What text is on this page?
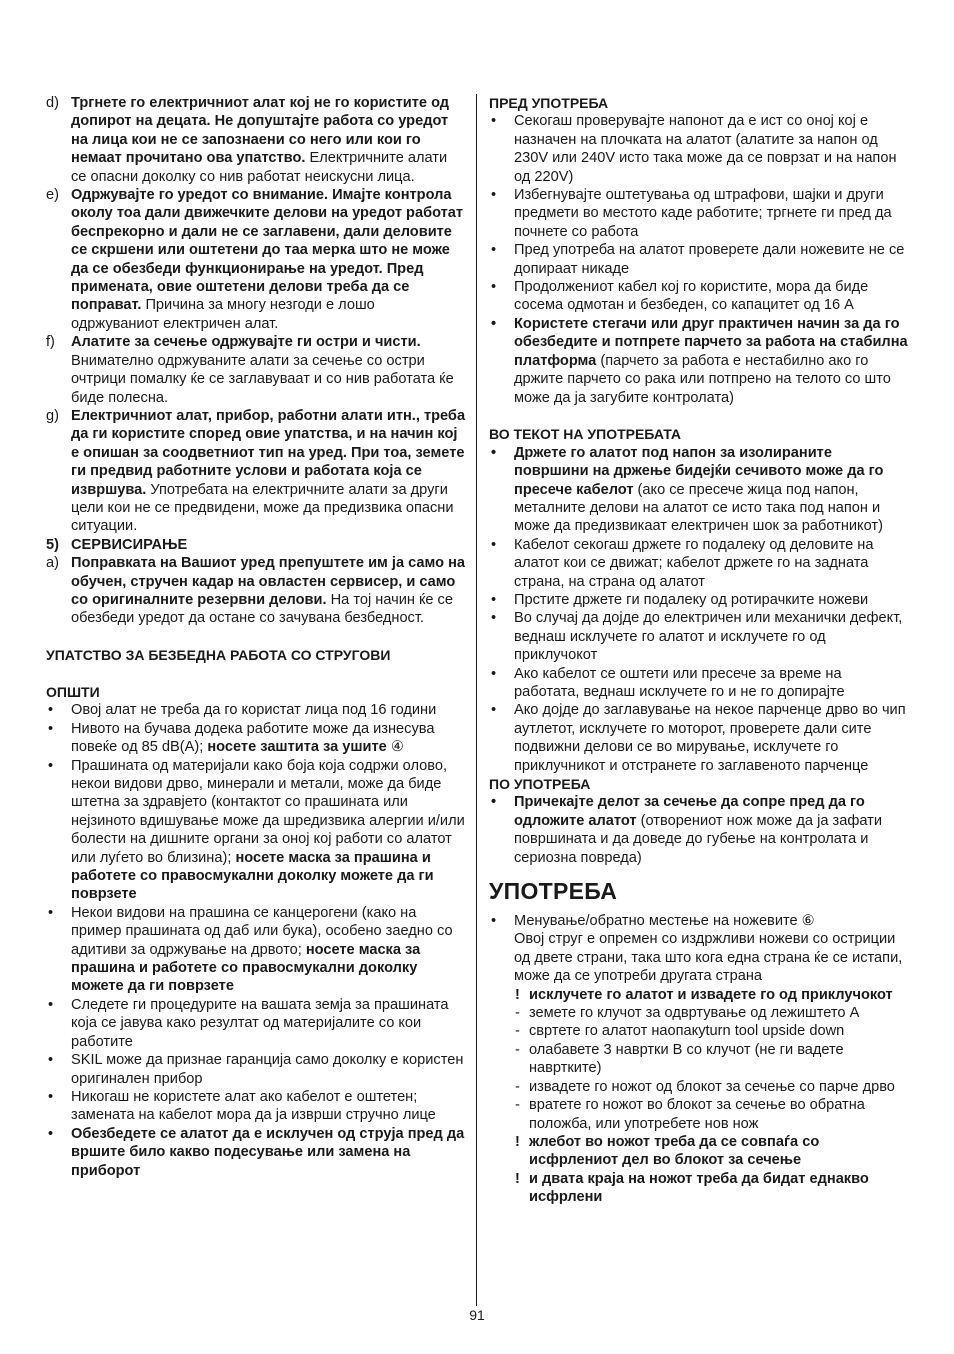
d) Тргнете го електричниот алат кој не го користите од допирот на децата. Не допуштајте работа со уредот на лица кои не се запознаени со него или кои го немаат прочитано ова упатство. Електричните алати се опасни доколку со нив работат неискусни лица.
e) Одржувајте го уредот со внимание. Имајте контрола околу тоа дали движечките делови на уредот работат беспрекорно и дали не се заглавени, дали деловите се скршени или оштетени до таа мерка што не може да се обезбеди функционирање на уредот. Пред примената, овие оштетени делови треба да се поправат. Причина за многу незгоди е лошо одржуваниот електричен алат.
f)	Алатите за сечење одржувајте ги остри и чисти. Внимателно одржуваните алати за сечење со остри очтрици помалку ќе се заглавуваат и со нив работата ќе биде полесна.
g) Електричниот алат, прибор, работни алати итн., треба да ги користите според овие упатства, и на начин кој е опишан за соодветниот тип на уред. При тоа, земете ги предвид работните услови и работата која се извршува. Употребата на електричните алати за други цели кои не се предвидени, може да предизвика опасни ситуации.
5) СЕРВИСИРАЊЕ
a) Поправката на Вашиот уред препуштете им ја само на обучен, стручен кадар на овластен сервисер, и само со оригиналните резервни делови. На тој начин ќе се обезбеди уредот да остане со зачувана безбедност.
УПАТСТВО ЗА БЕЗБЕДНА РАБОТА СО СТРУГОВИ
ОПШТИ
•	Овој алат не треба да го користат лица под 16 години
•	Нивото на бучава додека работите може да изнесува повеќе од 85 dB(A); носете заштита за ушите ④
•	Прашината од материјали како боја која содржи олово, некои видови дрво, минерали и метали, може да биде штетна за здравјето (контактот со прашината или нејзиното вдишување може да шредизвика алергии и/или болести на дишните органи за оној кој работи со алатот или луѓето во близина); носете маска за прашина и работете со правосмукални доколку можете да ги поврзете
•	Некои видови на прашина се канцерогени (како на пример прашината од даб или бука), особено заедно со адитиви за одржување на дрвото; носете маска за прашина и работете со правосмукални доколку можете да ги поврзете
•	Следете ги процедурите на вашата земја за прашината која се јавува како резултат од материјалите со кои работите
•	SKIL може да признае гаранција само доколку е користен оригинален прибор
•	Никогаш не користете алат ако кабелот е оштетен; замената на кабелот мора да ја изврши стручно лице
•	Обезбедете се алатот да е исклучен од струја пред да вршите било какво подесување или замена на приборот
ПРЕД УПОТРЕБА
•	Секогаш проверувајте напонот да е ист со оној кој е назначен на плочката на алатот (алатите за напон од 230V или 240V исто така може да се поврзат и на напон од 220V)
•	Избегнувајте оштетувања од штрафови, шајки и други предмети во местото каде работите; тргнете ги пред да почнете со работа
•	Пред употреба на алатот проверете дали ножевите не се допираат никаде
•	Продолжениот кабел кој го користите, мора да биде сосема одмотан и безбеден, со капацитет од 16 A
•	Користете стегачи или друг практичен начин за да го обезбедите и потпрете парчето за работа на стабилна платформа (парчето за работа е нестабилно ако го држите парчето со рака или потпрено на телото со што може да ја загубите контролата)
ВО ТЕКОТ НА УПОТРЕБАТА
•	Држете го алатот под напон за изолираните површини на држење бидејќи сечивото може да го пресече кабелот (ако се пресече жица под напон, металните делови на алатот се исто така под напон и може да предизвикаат електричен шок за работникот)
•	Кабелот секогаш држете го подалеку од деловите на алатот кои се движат; кабелот држете го на задната страна, на страна од алатот
•	Прстите држете ги подалеку од ротирачките ножеви
•	Во случај да дојде до електричен или механички дефект, веднаш исклучете го алатот и исклучете го од приклучокот
•	Ако кабелот се оштети или пресече за време на работата, веднаш исклучете го и не го допирајте
•	Ако дојде до заглавување на некое парченце дрво во чип аутлетот, исклучете го моторот, проверете дали сите подвижни делови се во мирување, исклучете го приклучникот и отстранете го заглавеното парченце
ПО УПОТРЕБА
•	Причекајте делот за сечење да сопре пред да го одложите алатот (отворениот нож може да ја зафати површината и да доведе до губење на контролата и сериозна повреда)
УПОТРЕБА
•	Менување/обратно местење на ножевите ⑥
Овој струг е опремен со издржливи ножеви со остриции од двете страни, така што кога една страна ќе се истапи, може да се употреби другата страна
! исклучете го алатот и извадете го од приклучокот
- земете го клучот за одвртување од лежиштето A
- свртете го алатот наопакуturn tool upside down
- олабавете 3 навртки B со клучот (не ги вадете навртките)
- извадете го ножот од блокот за сечење со парче дрво
- вратете го ножот во блокот за сечење во обратна положба, или употребете нов нож
! жлебот во ножот треба да се совпаѓа со исфрлениот дел во блокот за сечење
! и двата краја на ножот треба да бидат еднакво исфрлени
91
